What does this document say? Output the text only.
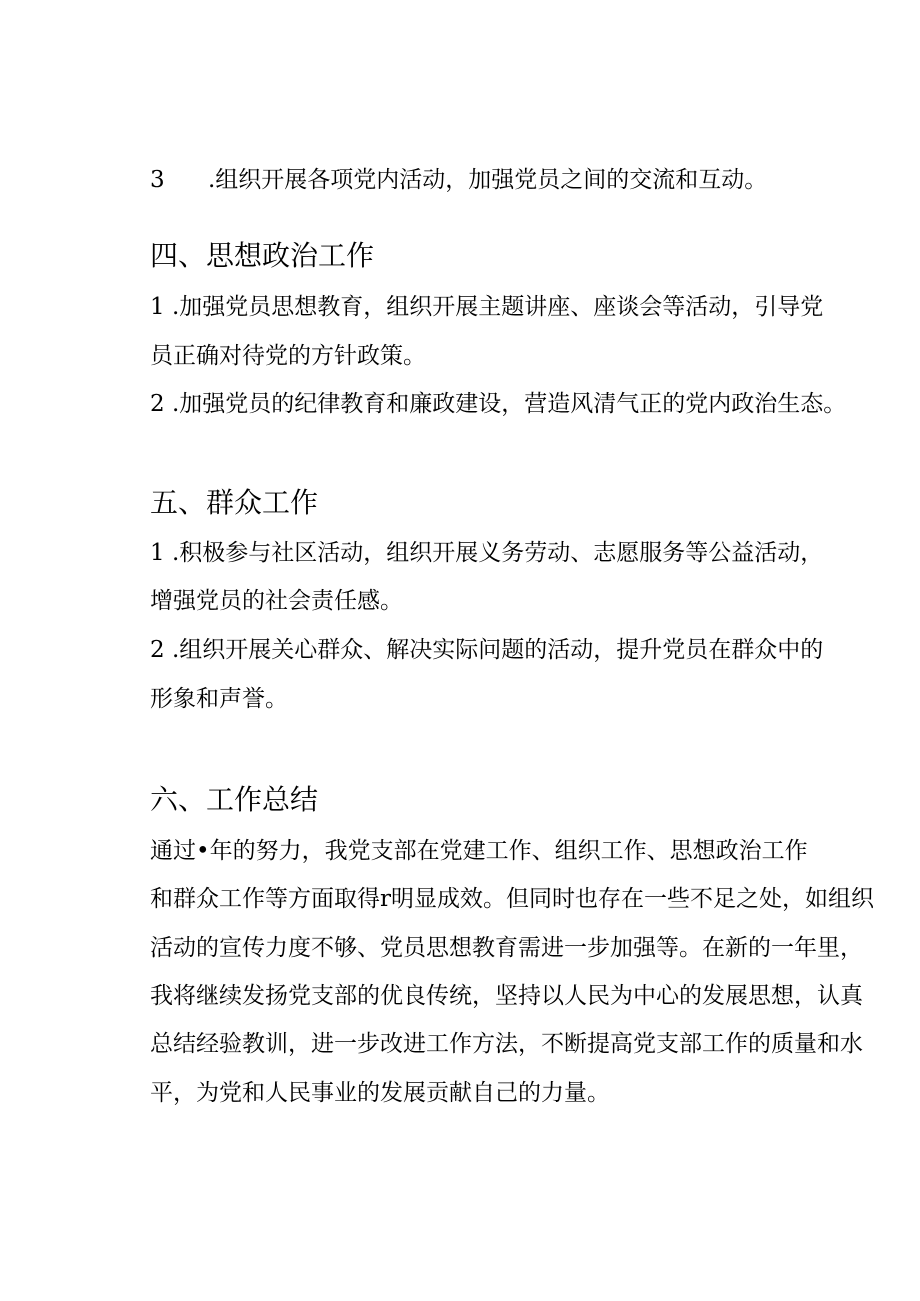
3 .组织开展各项党内活动，加强党员之间的交流和互动。

四、思想政治工作

1 .加强党员思想教育，组织开展主题讲座、座谈会等活动，引导党

员正确对待党的方针政策。

2 .加强党员的纪律教育和廉政建设，营造风清气正的党内政治生态。

五、群众工作

1 .积极参与社区活动，组织开展义务劳动、志愿服务等公益活动，

增强党员的社会责任感。

2 .组织开展关心群众、解决实际问题的活动，提升党员在群众中的

形象和声誉。

六、工作总结

通过•年的努力，我党支部在党建工作、组织工作、思想政治工作

和群众工作等方面取得r明显成效。但同时也存在一些不足之处，如组织

活动的宣传力度不够、党员思想教育需进一步加强等。在新的一年里，

我将继续发扬党支部的优良传统，坚持以人民为中心的发展思想，认真

总结经验教训，进一步改进工作方法，不断提高党支部工作的质量和水

平，为党和人民事业的发展贡献自己的力量。
